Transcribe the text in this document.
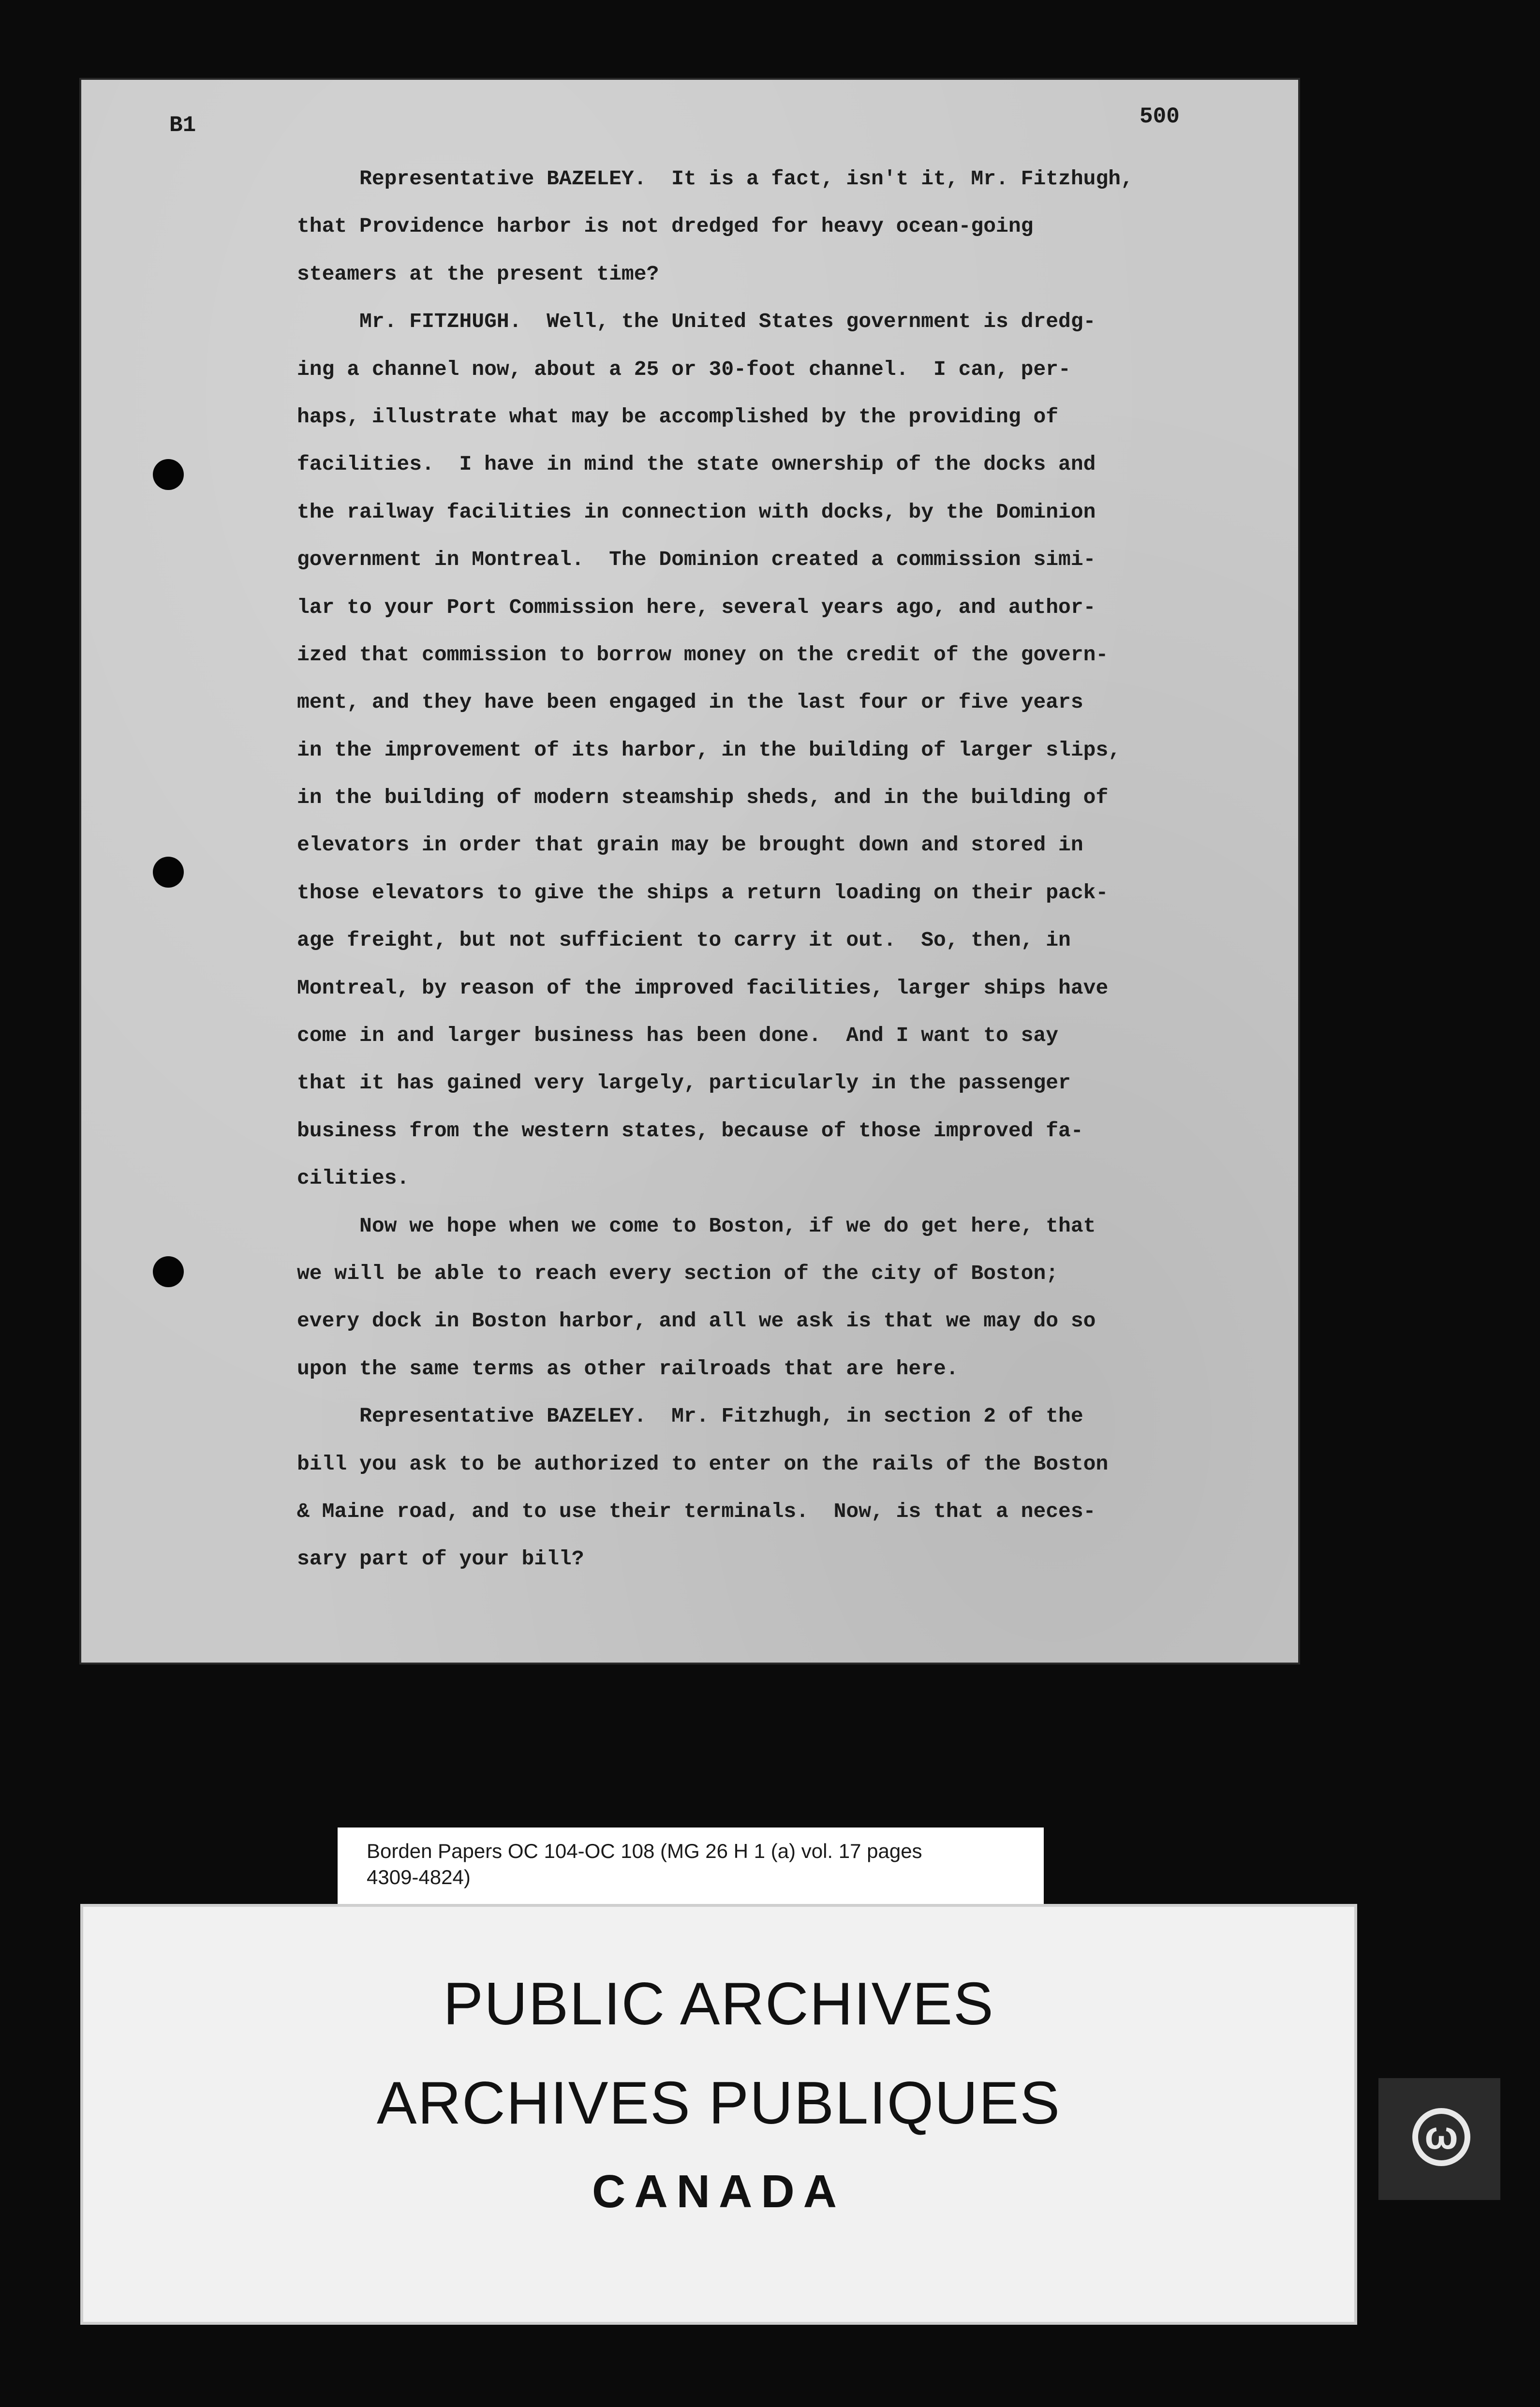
B1	500
Representative BAZELEY.  It is a fact, isn't it, Mr. Fitzhugh,
that Providence harbor is not dredged for heavy ocean-going
steamers at the present time?
Mr. FITZHUGH.  Well, the United States government is dredg-
ing a channel now, about a 25 or 30-foot channel.  I can, per-
haps, illustrate what may be accomplished by the providing of
facilities.  I have in mind the state ownership of the docks and
the railway facilities in connection with docks, by the Dominion
government in Montreal.  The Dominion created a commission simi-
lar to your Port Commission here, several years ago, and author-
ized that commission to borrow money on the credit of the govern-
ment, and they have been engaged in the last four or five years
in the improvement of its harbor, in the building of larger slips,
in the building of modern steamship sheds, and in the building of
elevators in order that grain may be brought down and stored in
those elevators to give the ships a return loading on their pack-
age freight, but not sufficient to carry it out.  So, then, in
Montreal, by reason of the improved facilities, larger ships have
come in and larger business has been done.  And I want to say
that it has gained very largely, particularly in the passenger
business from the western states, because of those improved fa-
cilities.
Now we hope when we come to Boston, if we do get here, that
we will be able to reach every section of the city of Boston;
every dock in Boston harbor, and all we ask is that we may do so
upon the same terms as other railroads that are here.
Representative BAZELEY.  Mr. Fitzhugh, in section 2 of the
bill you ask to be authorized to enter on the rails of the Boston
& Maine road, and to use their terminals.  Now, is that a neces-
sary part of your bill?
Borden Papers OC 104-OC 108 (MG 26 H 1 (a) vol. 17 pages
4309-4824)
PUBLIC ARCHIVES
ARCHIVES PUBLIQUES
CANADA
ω
